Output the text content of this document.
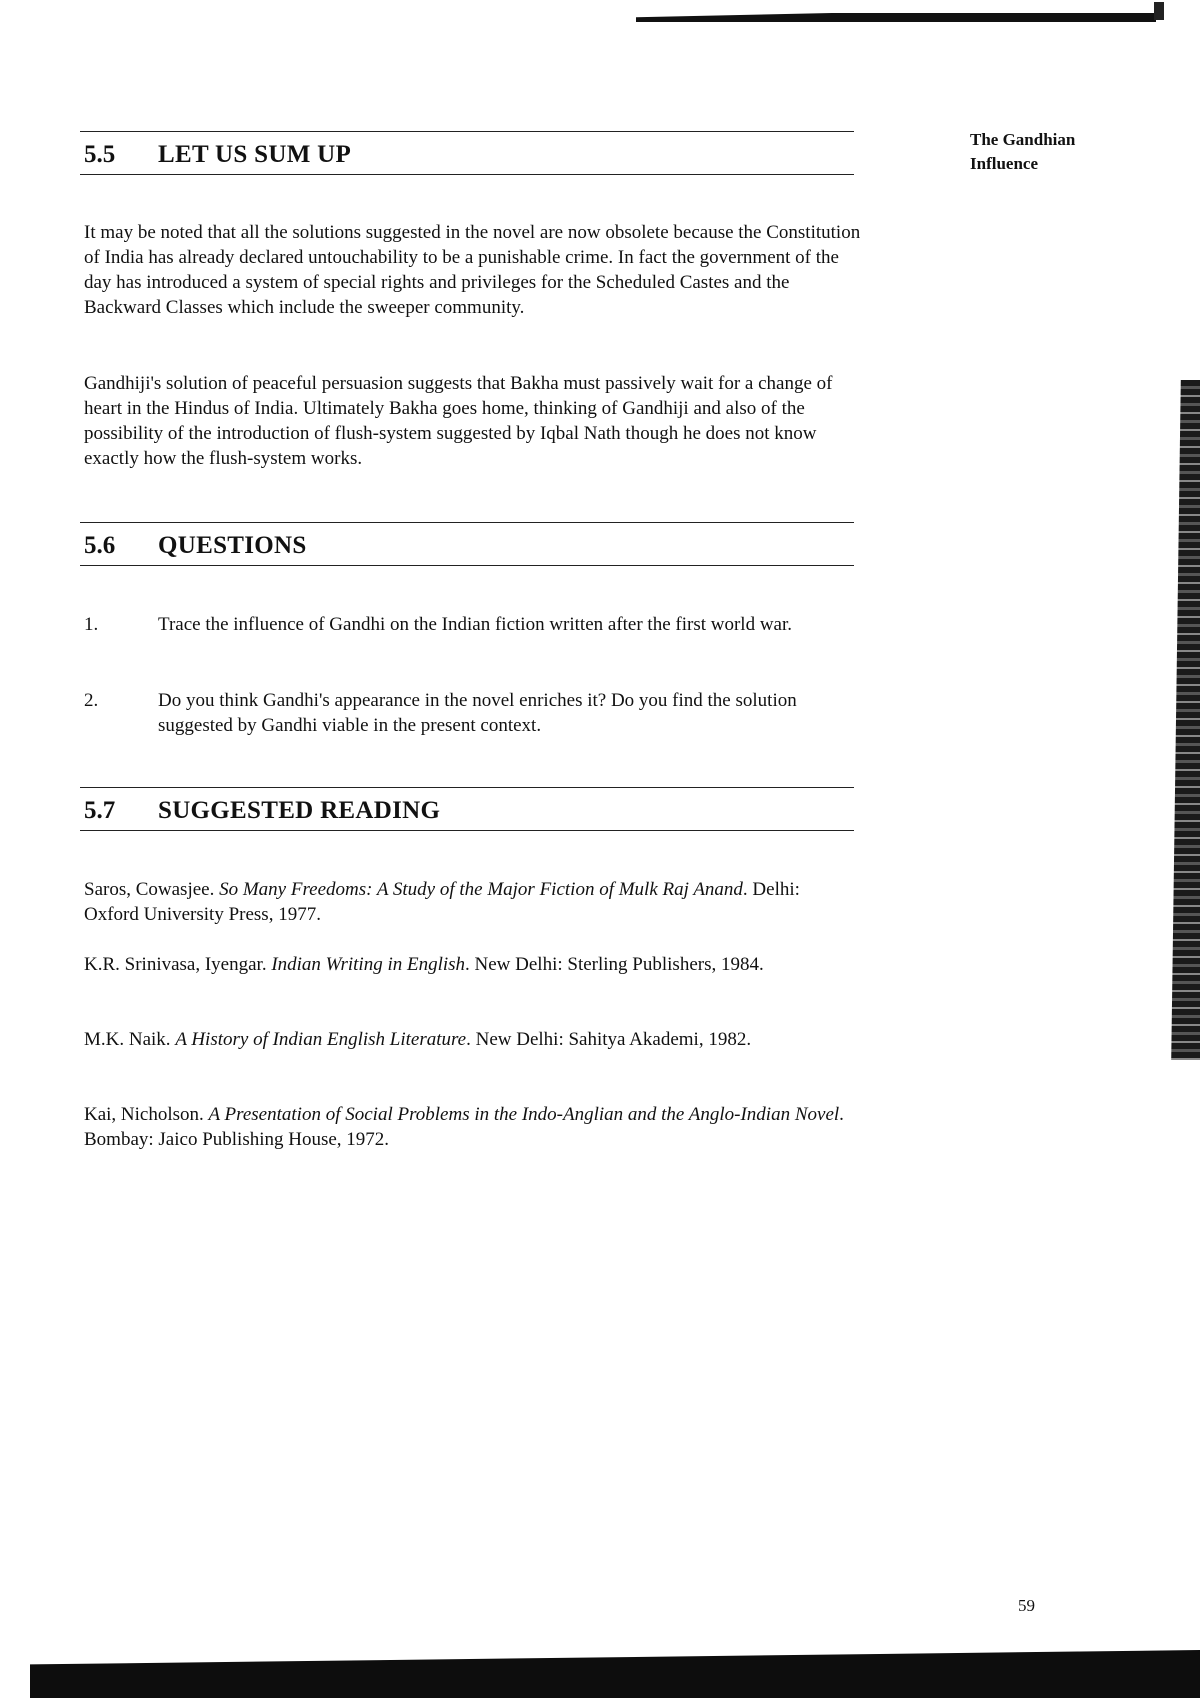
The Gandhian
Influence
5.5 LET US SUM UP

It may be noted that all the solutions suggested in the novel are now obsolete because the Constitution of India has already declared untouchability to be a punishable crime. In fact the government of the day has introduced a system of special rights and privileges for the Scheduled Castes and the Backward Classes which include the sweeper community.

Gandhiji's solution of peaceful persuasion suggests that Bakha must passively wait for a change of heart in the Hindus of India. Ultimately Bakha goes home, thinking of Gandhiji and also of the possibility of the introduction of flush-system suggested by Iqbal Nath though he does not know exactly how the flush-system works.

5.6 QUESTIONS
1.	Trace the influence of Gandhi on the Indian fiction written after the first world war.
2.	Do you think Gandhi's appearance in the novel enriches it? Do you find the solution suggested by Gandhi viable in the present context.
5.7 SUGGESTED READING
Saros, Cowasjee. So Many Freedoms: A Study of the Major Fiction of Mulk Raj Anand. Delhi: Oxford University Press, 1977.
K.R. Srinivasa, Iyengar. Indian Writing in English. New Delhi: Sterling Publishers, 1984.
M.K. Naik. A History of Indian English Literature. New Delhi: Sahitya Akademi, 1982.
Kai, Nicholson. A Presentation of Social Problems in the Indo-Anglian and the Anglo-Indian Novel. Bombay: Jaico Publishing House, 1972.
59
